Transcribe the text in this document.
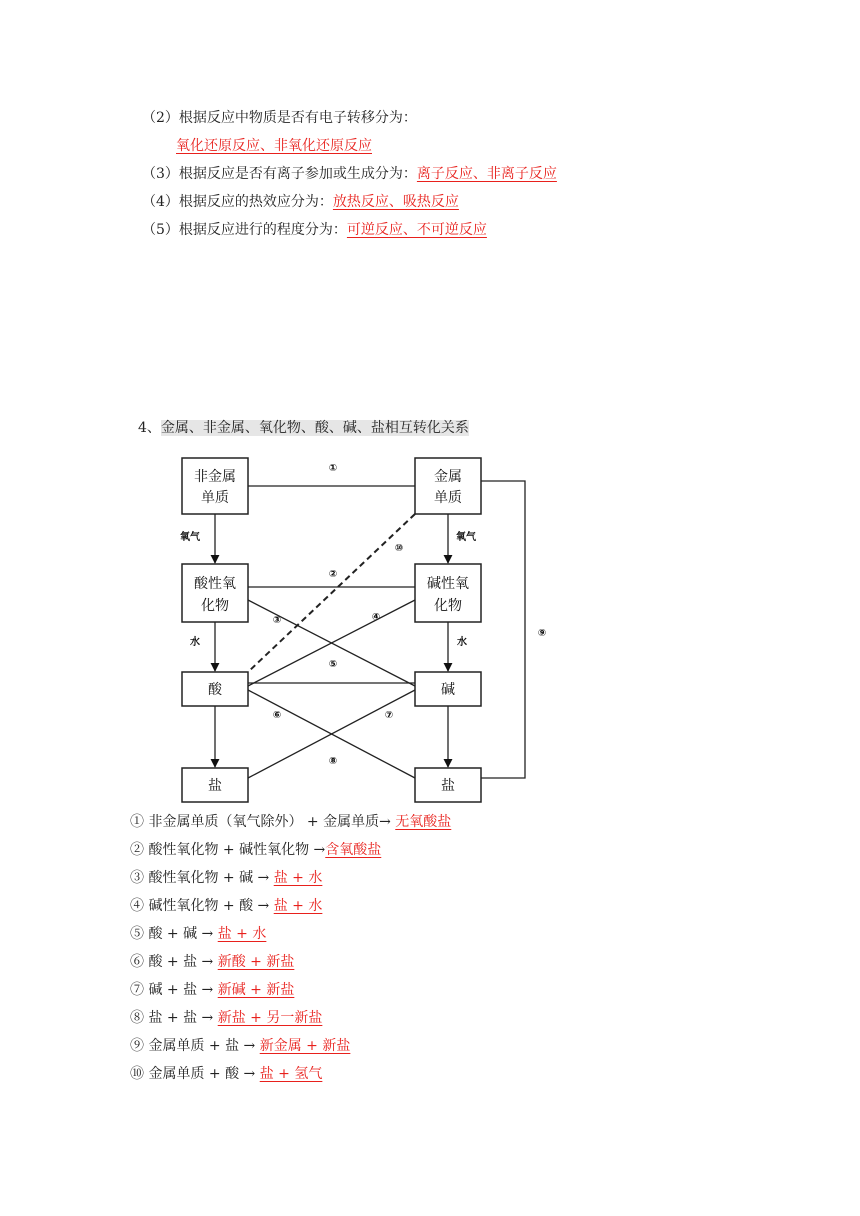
（2）根据反应中物质是否有电子转移分为：
氧化还原反应、非氧化还原反应
（3）根据反应是否有离子参加或生成分为：离子反应、非离子反应
（4）根据反应的热效应分为：放热反应、吸热反应
（5）根据反应进行的程度分为：可逆反应、不可逆反应
4、金属、非金属、氧化物、酸、碱、盐相互转化关系
非金属
单质
金属
单质
酸性氧
化物
碱性氧
化物
酸	碱
盐	盐
氧气	氧气
水	水
①
②
⑩
③	④
⑤
⑥	⑦
⑧
⑨
① 非金属单质（氧气除外） + 金属单质→ 无氧酸盐
② 酸性氧化物 + 碱性氧化物 →含氧酸盐
③ 酸性氧化物 + 碱 → 盐 + 水
④ 碱性氧化物 + 酸 → 盐 + 水
⑤ 酸 + 碱 → 盐 + 水
⑥ 酸 + 盐 → 新酸 + 新盐
⑦ 碱 + 盐 → 新碱 + 新盐
⑧ 盐 + 盐 → 新盐 + 另一新盐
⑨ 金属单质 + 盐 → 新金属 + 新盐
⑩ 金属单质 + 酸 → 盐 + 氢气
